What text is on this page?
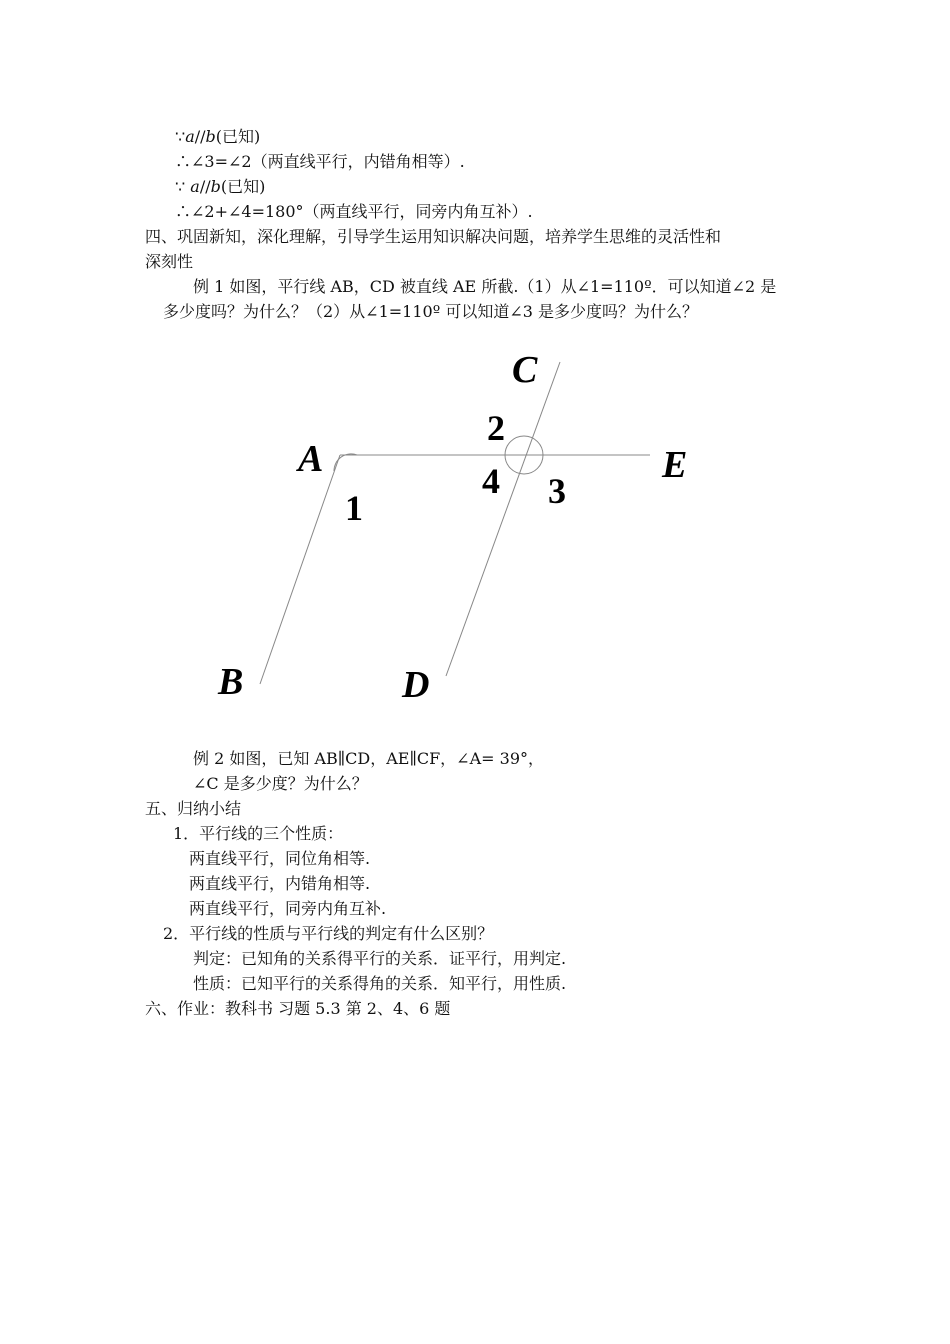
∵a//b(已知)
∴∠3=∠2（两直线平行，内错角相等）.
∵ a//b(已知)
∴∠2+∠4=180°（两直线平行，同旁内角互补）.
四、巩固新知，深化理解，引导学生运用知识解决问题，培养学生思维的灵活性和
深刻性
例 1 如图，平行线 AB，CD 被直线 AE 所截.（1）从∠1=110º．可以知道∠2 是
多少度吗？为什么？（2）从∠1=110º 可以知道∠3 是多少度吗？为什么？
A
B
C
D
E
1
2
3
4
例 2 如图，已知 AB∥CD，AE∥CF，∠A= 39°，
∠C 是多少度？为什么？
五、归纳小结
1．平行线的三个性质：
两直线平行，同位角相等.
两直线平行，内错角相等.
两直线平行，同旁内角互补.
2．平行线的性质与平行线的判定有什么区别？
判定：已知角的关系得平行的关系．证平行，用判定.
性质：已知平行的关系得角的关系．知平行，用性质.
六、作业：教科书 习题 5.3 第 2、4、6 题
